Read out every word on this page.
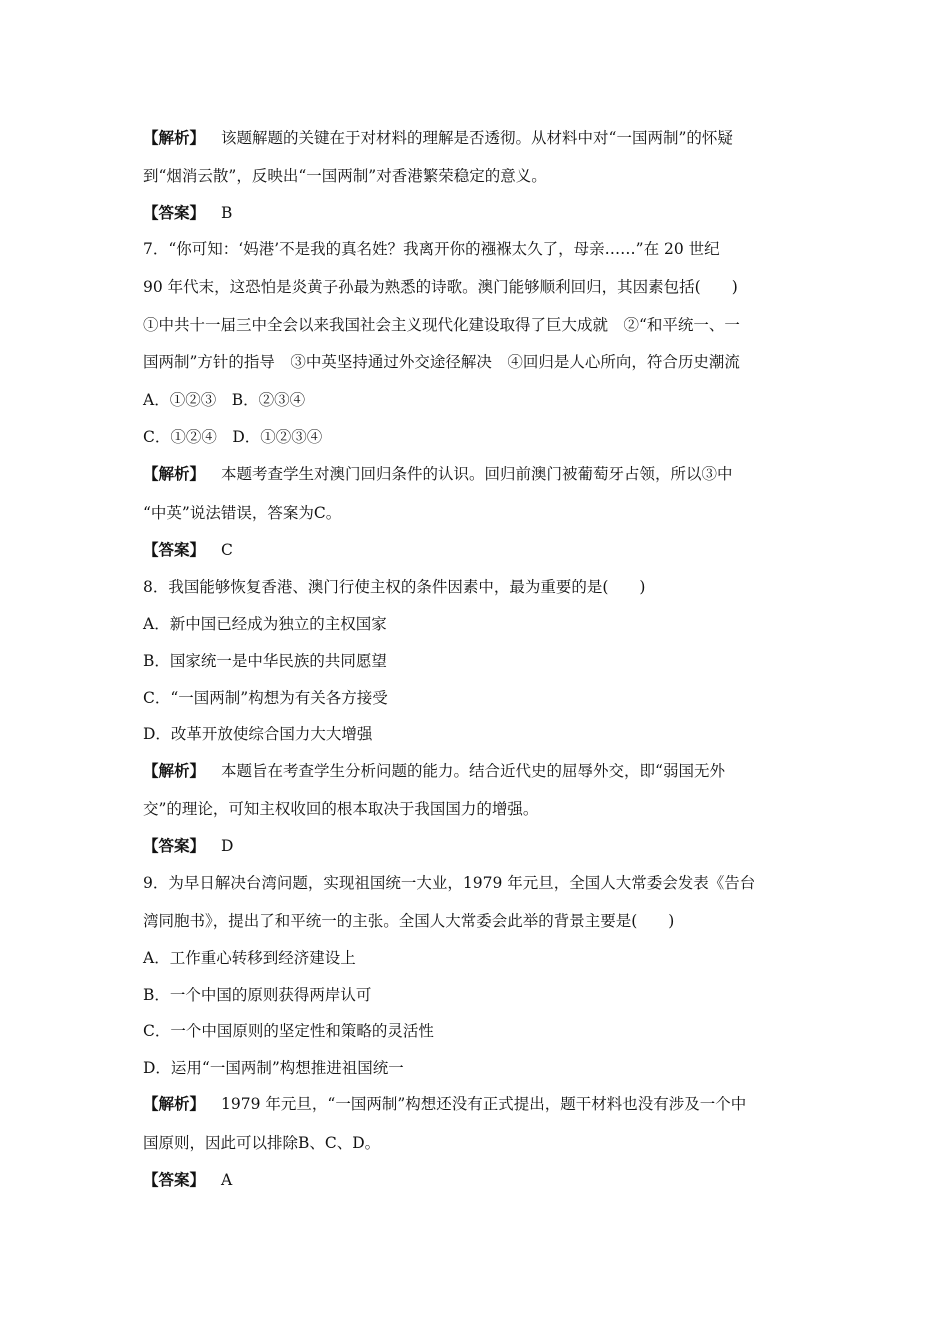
【解析】 该题解题的关键在于对材料的理解是否透彻。从材料中对“一国两制”的怀疑
到“烟消云散”，反映出“一国两制”对香港繁荣稳定的意义。
【答案】 B
7．“你可知：‘妈港’不是我的真名姓？我离开你的襁褓太久了，母亲……”在 20 世纪
90 年代末，这恐怕是炎黄子孙最为熟悉的诗歌。澳门能够顺利回归，其因素包括(　　)
①中共十一届三中全会以来我国社会主义现代化建设取得了巨大成就　②“和平统一、一
国两制”方针的指导　③中英坚持通过外交途径解决　④回归是人心所向，符合历史潮流
A．①②③　B．②③④
C．①②④　D．①②③④
【解析】 本题考查学生对澳门回归条件的认识。回归前澳门被葡萄牙占领，所以③中
“中英”说法错误，答案为C。
【答案】 C
8．我国能够恢复香港、澳门行使主权的条件因素中，最为重要的是(　　)
A．新中国已经成为独立的主权国家
B．国家统一是中华民族的共同愿望
C．“一国两制”构想为有关各方接受
D．改革开放使综合国力大大增强
【解析】 本题旨在考查学生分析问题的能力。结合近代史的屈辱外交，即“弱国无外
交”的理论，可知主权收回的根本取决于我国国力的增强。
【答案】 D
9．为早日解决台湾问题，实现祖国统一大业，1979 年元旦，全国人大常委会发表《告台
湾同胞书》，提出了和平统一的主张。全国人大常委会此举的背景主要是(　　)
A．工作重心转移到经济建设上
B．一个中国的原则获得两岸认可
C．一个中国原则的坚定性和策略的灵活性
D．运用“一国两制”构想推进祖国统一
【解析】 1979 年元旦，“一国两制”构想还没有正式提出，题干材料也没有涉及一个中
国原则，因此可以排除B、C、D。
【答案】 A
